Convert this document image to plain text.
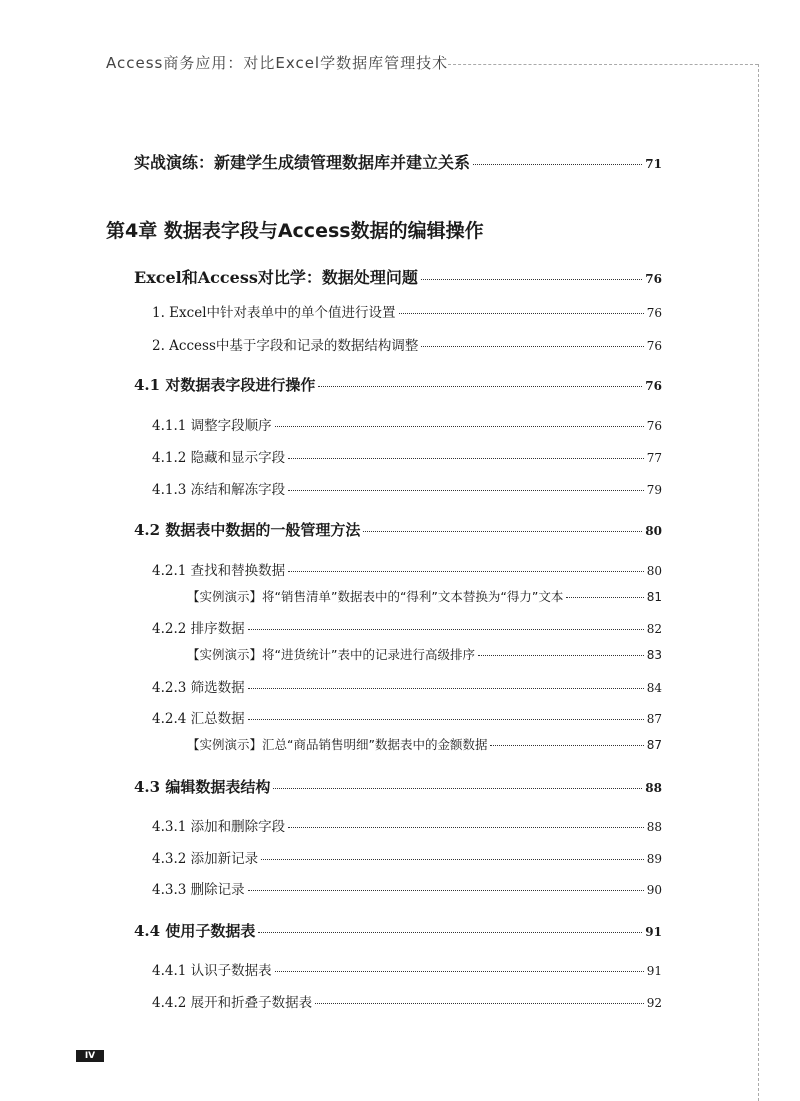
Access商务应用：对比Excel学数据库管理技术
第4章 数据表字段与Access数据的编辑操作
实战演练：新建学生成绩管理数据库并建立关系	71
Excel和Access对比学：数据处理问题	76
1. Excel中针对表单中的单个值进行设置	76
2. Access中基于字段和记录的数据结构调整	76
4.1 对数据表字段进行操作	76
4.1.1 调整字段顺序	76
4.1.2 隐藏和显示字段	77
4.1.3 冻结和解冻字段	79
4.2 数据表中数据的一般管理方法	80
4.2.1 查找和替换数据	80
【实例演示】将“销售清单”数据表中的“得利”文本替换为“得力”文本	81
4.2.2 排序数据	82
【实例演示】将“进货统计”表中的记录进行高级排序	83
4.2.3 筛选数据	84
4.2.4 汇总数据	87
【实例演示】汇总“商品销售明细”数据表中的金额数据	87
4.3 编辑数据表结构	88
4.3.1 添加和删除字段	88
4.3.2 添加新记录	89
4.3.3 删除记录	90
4.4 使用子数据表	91
4.4.1 认识子数据表	91
4.4.2 展开和折叠子数据表	92
IV
